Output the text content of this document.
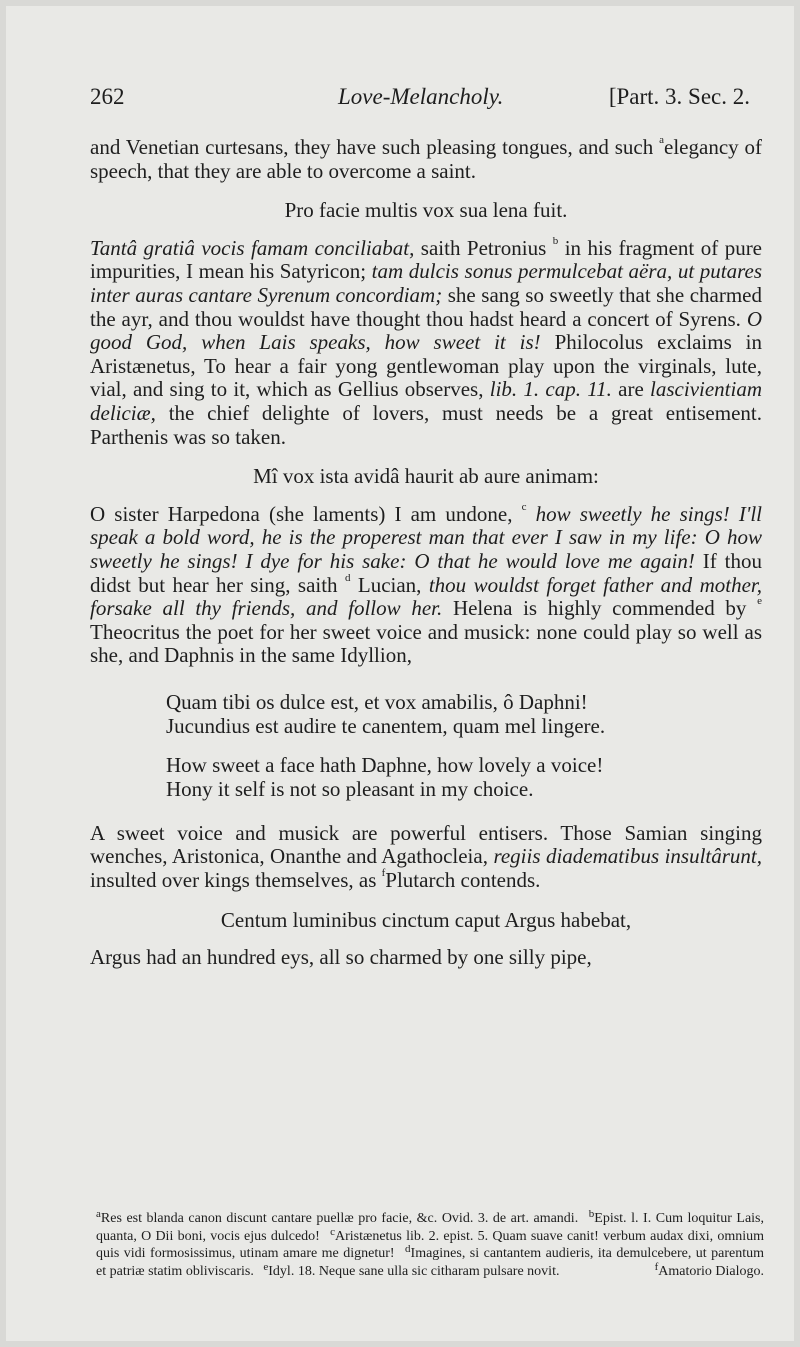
262	Love-Melancholy.	[Part. 3. Sec. 2.

and Venetian curtesans, they have such pleasing tongues, and such $^a$elegancy of speech, that they are able to overcome a saint.

Pro facie multis vox sua lena fuit.

Tantâ gratiâ vocis famam conciliabat, saith Petronius $^b$ in his fragment of pure impurities, I mean his Satyricon; tam dulcis sonus permulcebat aëra, ut putares inter auras cantare Syrenum concordiam; she sang so sweetly that she charmed the ayr, and thou wouldst have thought thou hadst heard a concert of Syrens. O good God, when Lais speaks, how sweet it is! Philocolus exclaims in Aristænetus, To hear a fair yong gentlewoman play upon the virginals, lute, vial, and sing to it, which as Gellius observes, lib. 1. cap. 11. are lascivientiam deliciæ, the chief delighte of lovers, must needs be a great entisement. Parthenis was so taken.

Mî vox ista avidâ haurit ab aure animam:

O sister Harpedona (she laments) I am undone, $^c$ how sweetly he sings! I'll speak a bold word, he is the properest man that ever I saw in my life: O how sweetly he sings! I dye for his sake: O that he would love me again! If thou didst but hear her sing, saith $^d$ Lucian, thou wouldst forget father and mother, forsake all thy friends, and follow her. Helena is highly commended by $^e$ Theocritus the poet for her sweet voice and musick: none could play so well as she, and Daphnis in the same Idyllion,

Quam tibi os dulce est, et vox amabilis, ô Daphni!
Jucundius est audire te canentem, quam mel lingere.
How sweet a face hath Daphne, how lovely a voice!
Hony it self is not so pleasant in my choice.

A sweet voice and musick are powerful entisers. Those Samian singing wenches, Aristonica, Onanthe and Agathocleia, regiis diadematibus insultârunt, insulted over kings themselves, as $^f$Plutarch contends.

Centum luminibus cinctum caput Argus habebat,

Argus had an hundred eys, all so charmed by one silly pipe,

$^a$Res est blanda canon discunt cantare puellæ pro facie, &c. Ovid. 3. de art. amandi. $^b$Epist. l. I. Cum loquitur Lais, quanta, O Dii boni, vocis ejus dulcedo! $^c$Aristænetus lib. 2. epist. 5. Quam suave canit! verbum audax dixi, omnium quis vidi formosissimus, utinam amare me dignetur! $^d$Imagines, si cantantem audieris, ita demulcebere, ut parentum et patriæ statim obliviscaris. $^e$Idyl. 18. Neque sane ulla sic citharam pulsare novit.	$^f$Amatorio Dialogo.
